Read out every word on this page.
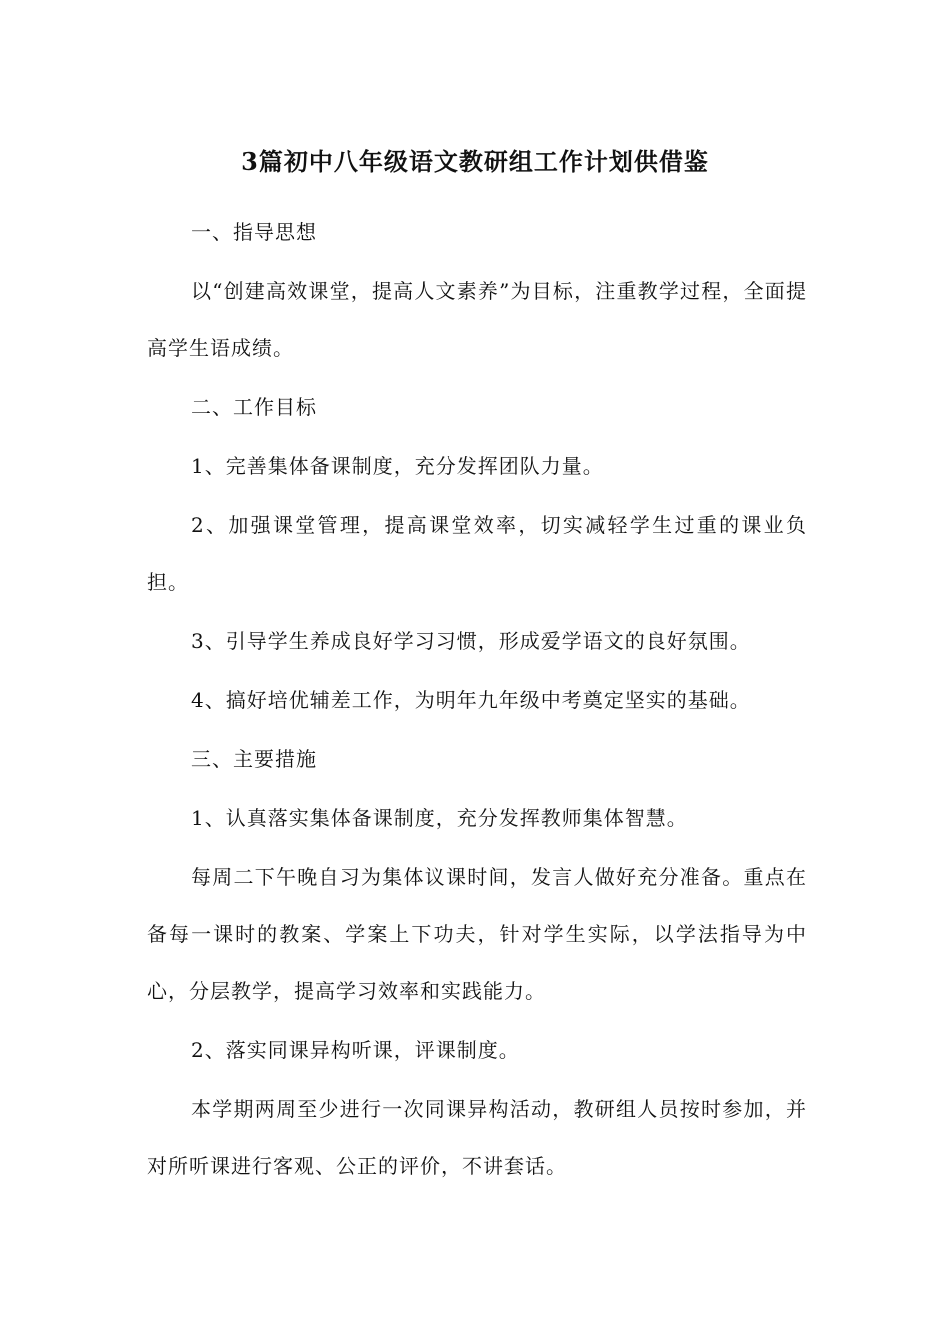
3篇初中八年级语文教研组工作计划供借鉴

一、指导思想

以“创建高效课堂，提高人文素养”为目标，注重教学过程，全面提高学生语成绩。

二、工作目标

1、完善集体备课制度，充分发挥团队力量。

2、加强课堂管理，提高课堂效率，切实减轻学生过重的课业负担。

3、引导学生养成良好学习习惯，形成爱学语文的良好氛围。

4、搞好培优辅差工作，为明年九年级中考奠定坚实的基础。

三、主要措施

1、认真落实集体备课制度，充分发挥教师集体智慧。

每周二下午晚自习为集体议课时间，发言人做好充分准备。重点在备每一课时的教案、学案上下功夫，针对学生实际，以学法指导为中心，分层教学，提高学习效率和实践能力。

2、落实同课异构听课，评课制度。

本学期两周至少进行一次同课异构活动，教研组人员按时参加，并对所听课进行客观、公正的评价，不讲套话。
